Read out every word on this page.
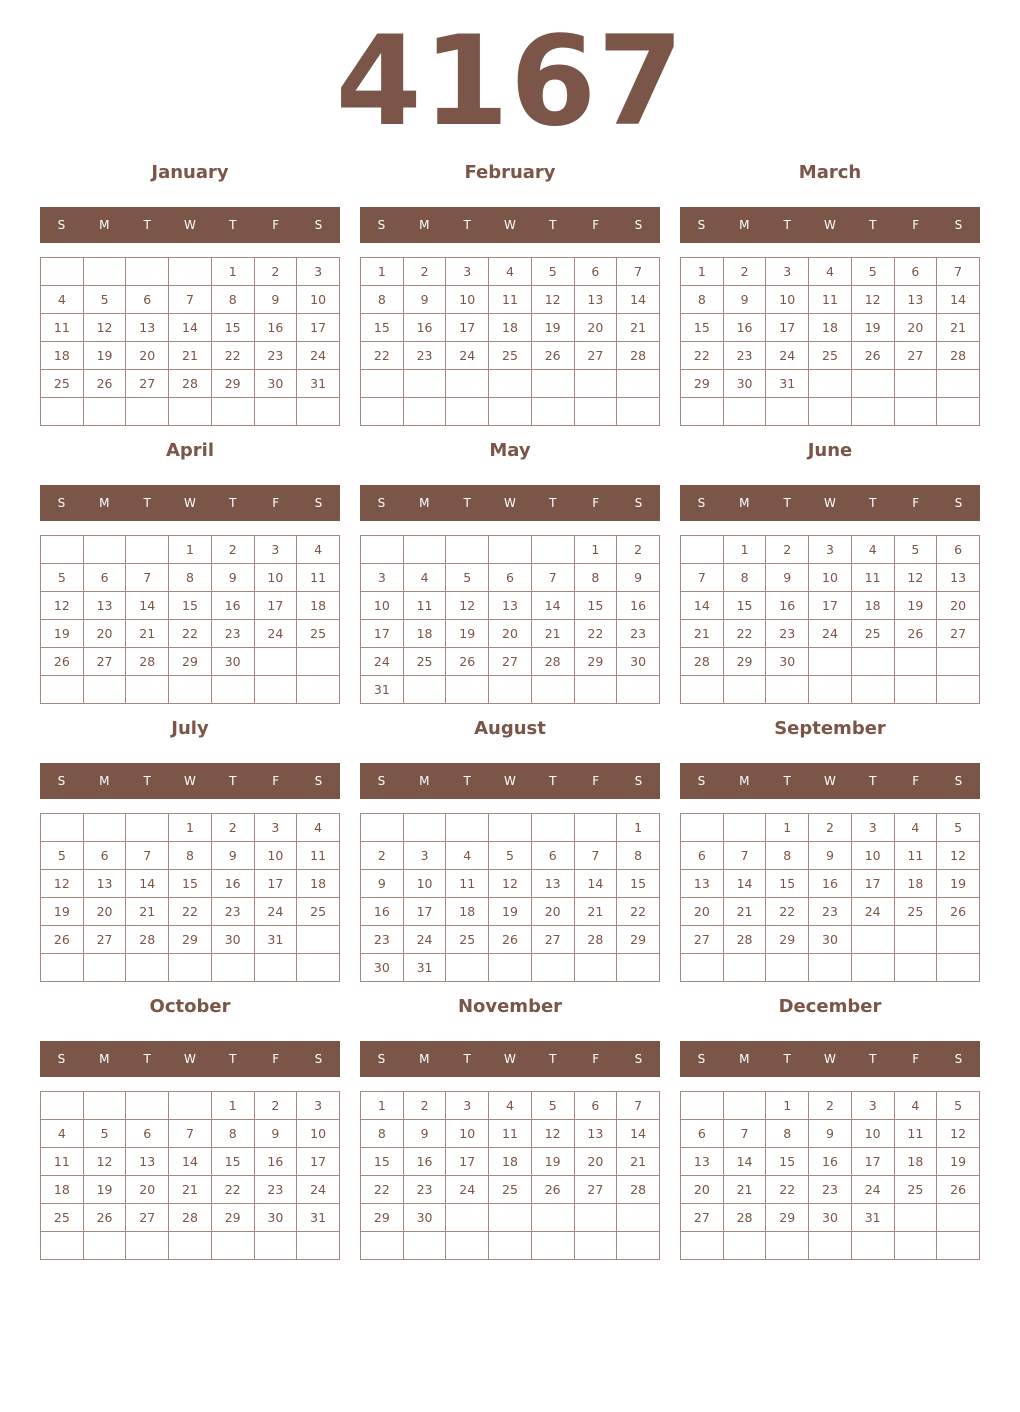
4167
January
S	M	T	W	T	F	S
				1	2	3
4	5	6	7	8	9	10
11	12	13	14	15	16	17
18	19	20	21	22	23	24
25	26	27	28	29	30	31

February
S	M	T	W	T	F	S
1	2	3	4	5	6	7
8	9	10	11	12	13	14
15	16	17	18	19	20	21
22	23	24	25	26	27	28

March
S	M	T	W	T	F	S
1	2	3	4	5	6	7
8	9	10	11	12	13	14
15	16	17	18	19	20	21
22	23	24	25	26	27	28
29	30	31				

April
S	M	T	W	T	F	S
			1	2	3	4
5	6	7	8	9	10	11
12	13	14	15	16	17	18
19	20	21	22	23	24	25
26	27	28	29	30		

May
S	M	T	W	T	F	S
					1	2
3	4	5	6	7	8	9
10	11	12	13	14	15	16
17	18	19	20	21	22	23
24	25	26	27	28	29	30
31						
June
S	M	T	W	T	F	S
	1	2	3	4	5	6
7	8	9	10	11	12	13
14	15	16	17	18	19	20
21	22	23	24	25	26	27
28	29	30				

July
S	M	T	W	T	F	S
			1	2	3	4
5	6	7	8	9	10	11
12	13	14	15	16	17	18
19	20	21	22	23	24	25
26	27	28	29	30	31	

August
S	M	T	W	T	F	S
						1
2	3	4	5	6	7	8
9	10	11	12	13	14	15
16	17	18	19	20	21	22
23	24	25	26	27	28	29
30	31					
September
S	M	T	W	T	F	S
		1	2	3	4	5
6	7	8	9	10	11	12
13	14	15	16	17	18	19
20	21	22	23	24	25	26
27	28	29	30			

October
S	M	T	W	T	F	S
				1	2	3
4	5	6	7	8	9	10
11	12	13	14	15	16	17
18	19	20	21	22	23	24
25	26	27	28	29	30	31

November
S	M	T	W	T	F	S
1	2	3	4	5	6	7
8	9	10	11	12	13	14
15	16	17	18	19	20	21
22	23	24	25	26	27	28
29	30					

December
S	M	T	W	T	F	S
		1	2	3	4	5
6	7	8	9	10	11	12
13	14	15	16	17	18	19
20	21	22	23	24	25	26
27	28	29	30	31		
